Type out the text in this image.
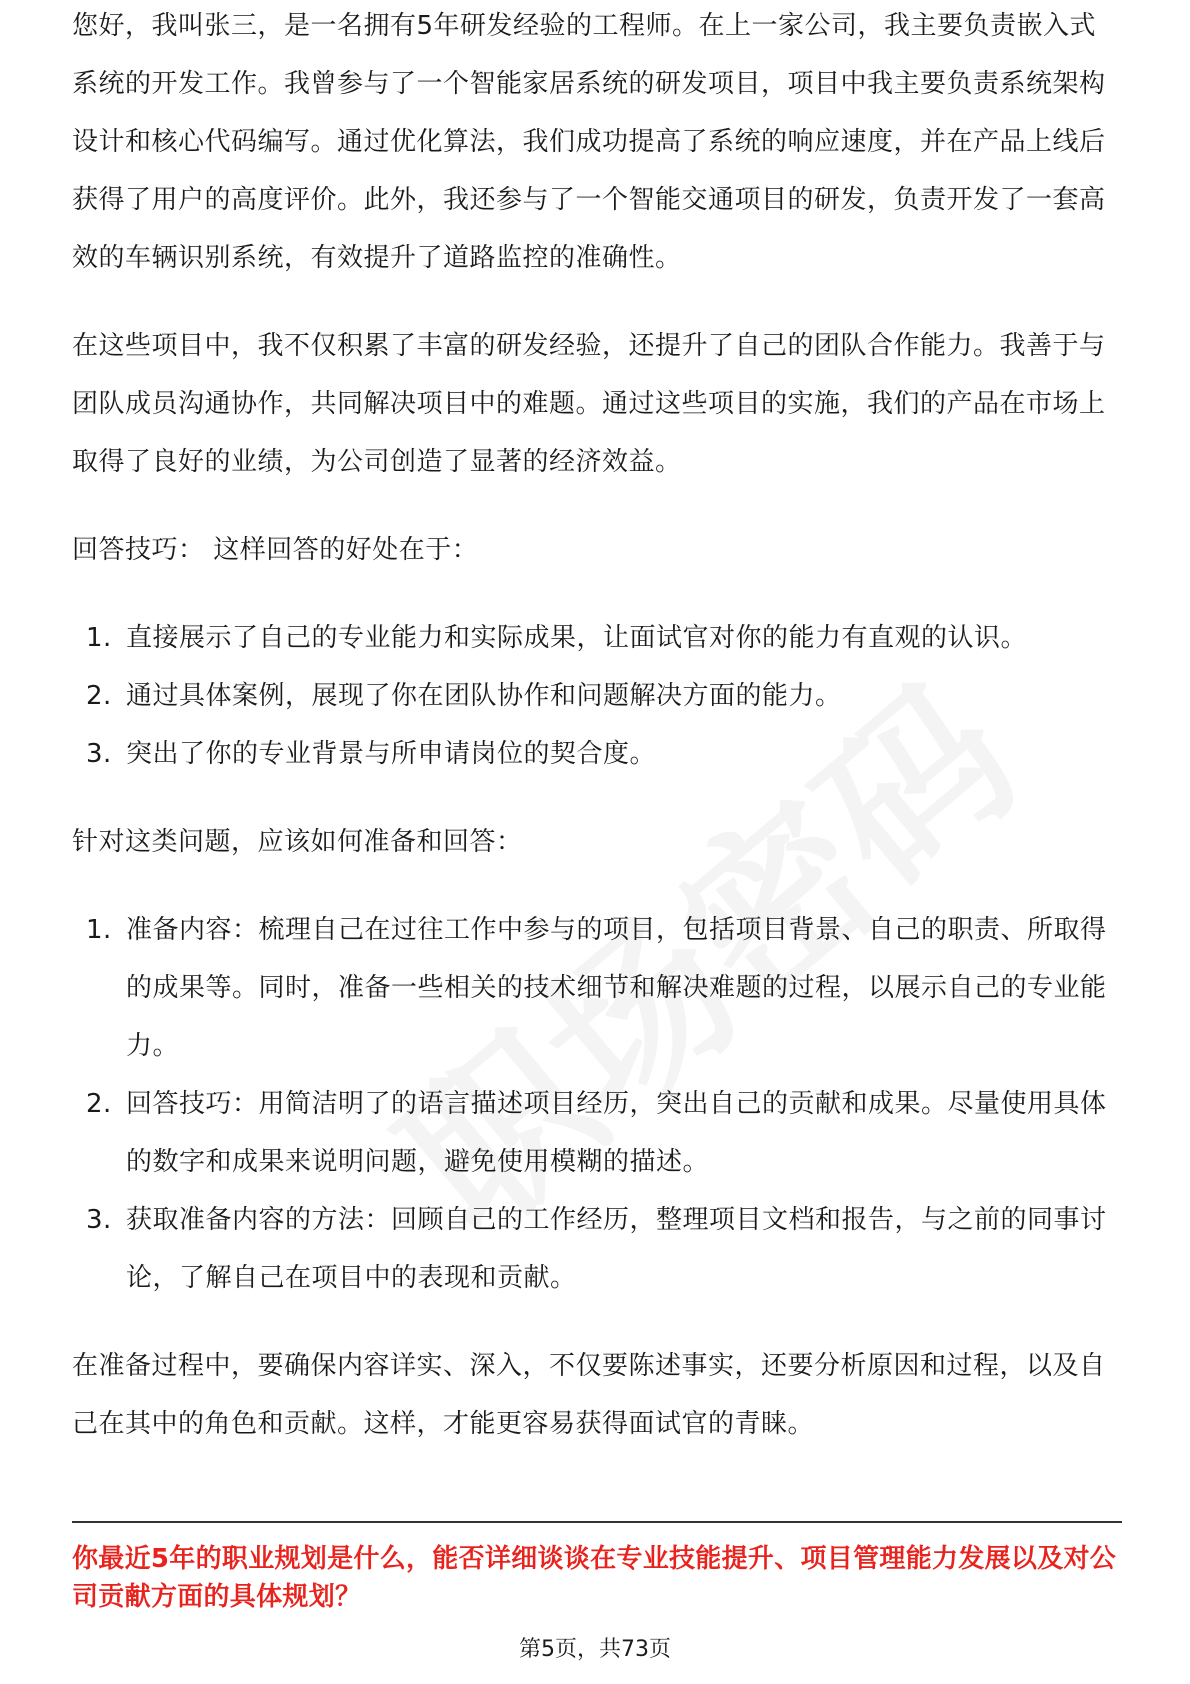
您好，我叫张三，是一名拥有5年研发经验的工程师。在上一家公司，我主要负责嵌入式系统的开发工作。我曾参与了一个智能家居系统的研发项目，项目中我主要负责系统架构设计和核心代码编写。通过优化算法，我们成功提高了系统的响应速度，并在产品上线后获得了用户的高度评价。此外，我还参与了一个智能交通项目的研发，负责开发了一套高效的车辆识别系统，有效提升了道路监控的准确性。

在这些项目中，我不仅积累了丰富的研发经验，还提升了自己的团队合作能力。我善于与团队成员沟通协作，共同解决项目中的难题。通过这些项目的实施，我们的产品在市场上取得了良好的业绩，为公司创造了显著的经济效益。

回答技巧： 这样回答的好处在于：

1. 直接展示了自己的专业能力和实际成果，让面试官对你的能力有直观的认识。
2. 通过具体案例，展现了你在团队协作和问题解决方面的能力。
3. 突出了你的专业背景与所申请岗位的契合度。

针对这类问题，应该如何准备和回答：

1. 准备内容：梳理自己在过往工作中参与的项目，包括项目背景、自己的职责、所取得的成果等。同时，准备一些相关的技术细节和解决难题的过程，以展示自己的专业能力。
2. 回答技巧：用简洁明了的语言描述项目经历，突出自己的贡献和成果。尽量使用具体的数字和成果来说明问题，避免使用模糊的描述。
3. 获取准备内容的方法：回顾自己的工作经历，整理项目文档和报告，与之前的同事讨论，了解自己在项目中的表现和贡献。

在准备过程中，要确保内容详实、深入，不仅要陈述事实，还要分析原因和过程，以及自己在其中的角色和贡献。这样，才能更容易获得面试官的青睐。

你最近5年的职业规划是什么，能否详细谈谈在专业技能提升、项目管理能力发展以及对公司贡献方面的具体规划？

第5页，共73页
